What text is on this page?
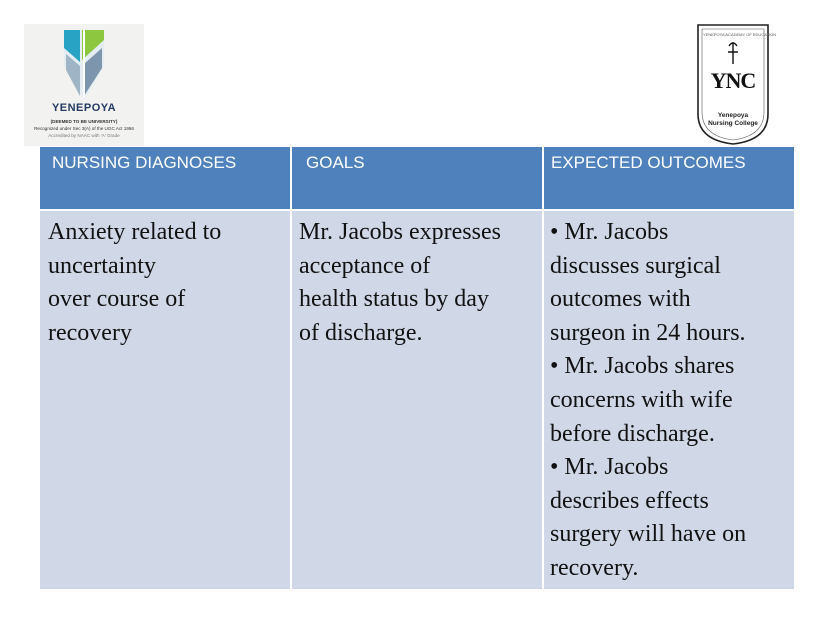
YENEPOYA
(DEEMED TO BE UNIVERSITY)
Recognized under Sec 3(A) of the UGC Act 1956
Accredited by NAAC with 'A' Grade
YENEPOYA ACADEMY OF EDUCATION
YNC
Yenepoya
Nursing College
NURSING DIAGNOSES	GOALS	EXPECTED OUTCOMES
Anxiety related to
uncertainty
over course of
recovery
Mr. Jacobs expresses
acceptance of
health status by day
of discharge.
• Mr. Jacobs
discusses surgical
outcomes with
surgeon in 24 hours.
• Mr. Jacobs shares
concerns with wife
before discharge.
• Mr. Jacobs
describes effects
surgery will have on
recovery.
